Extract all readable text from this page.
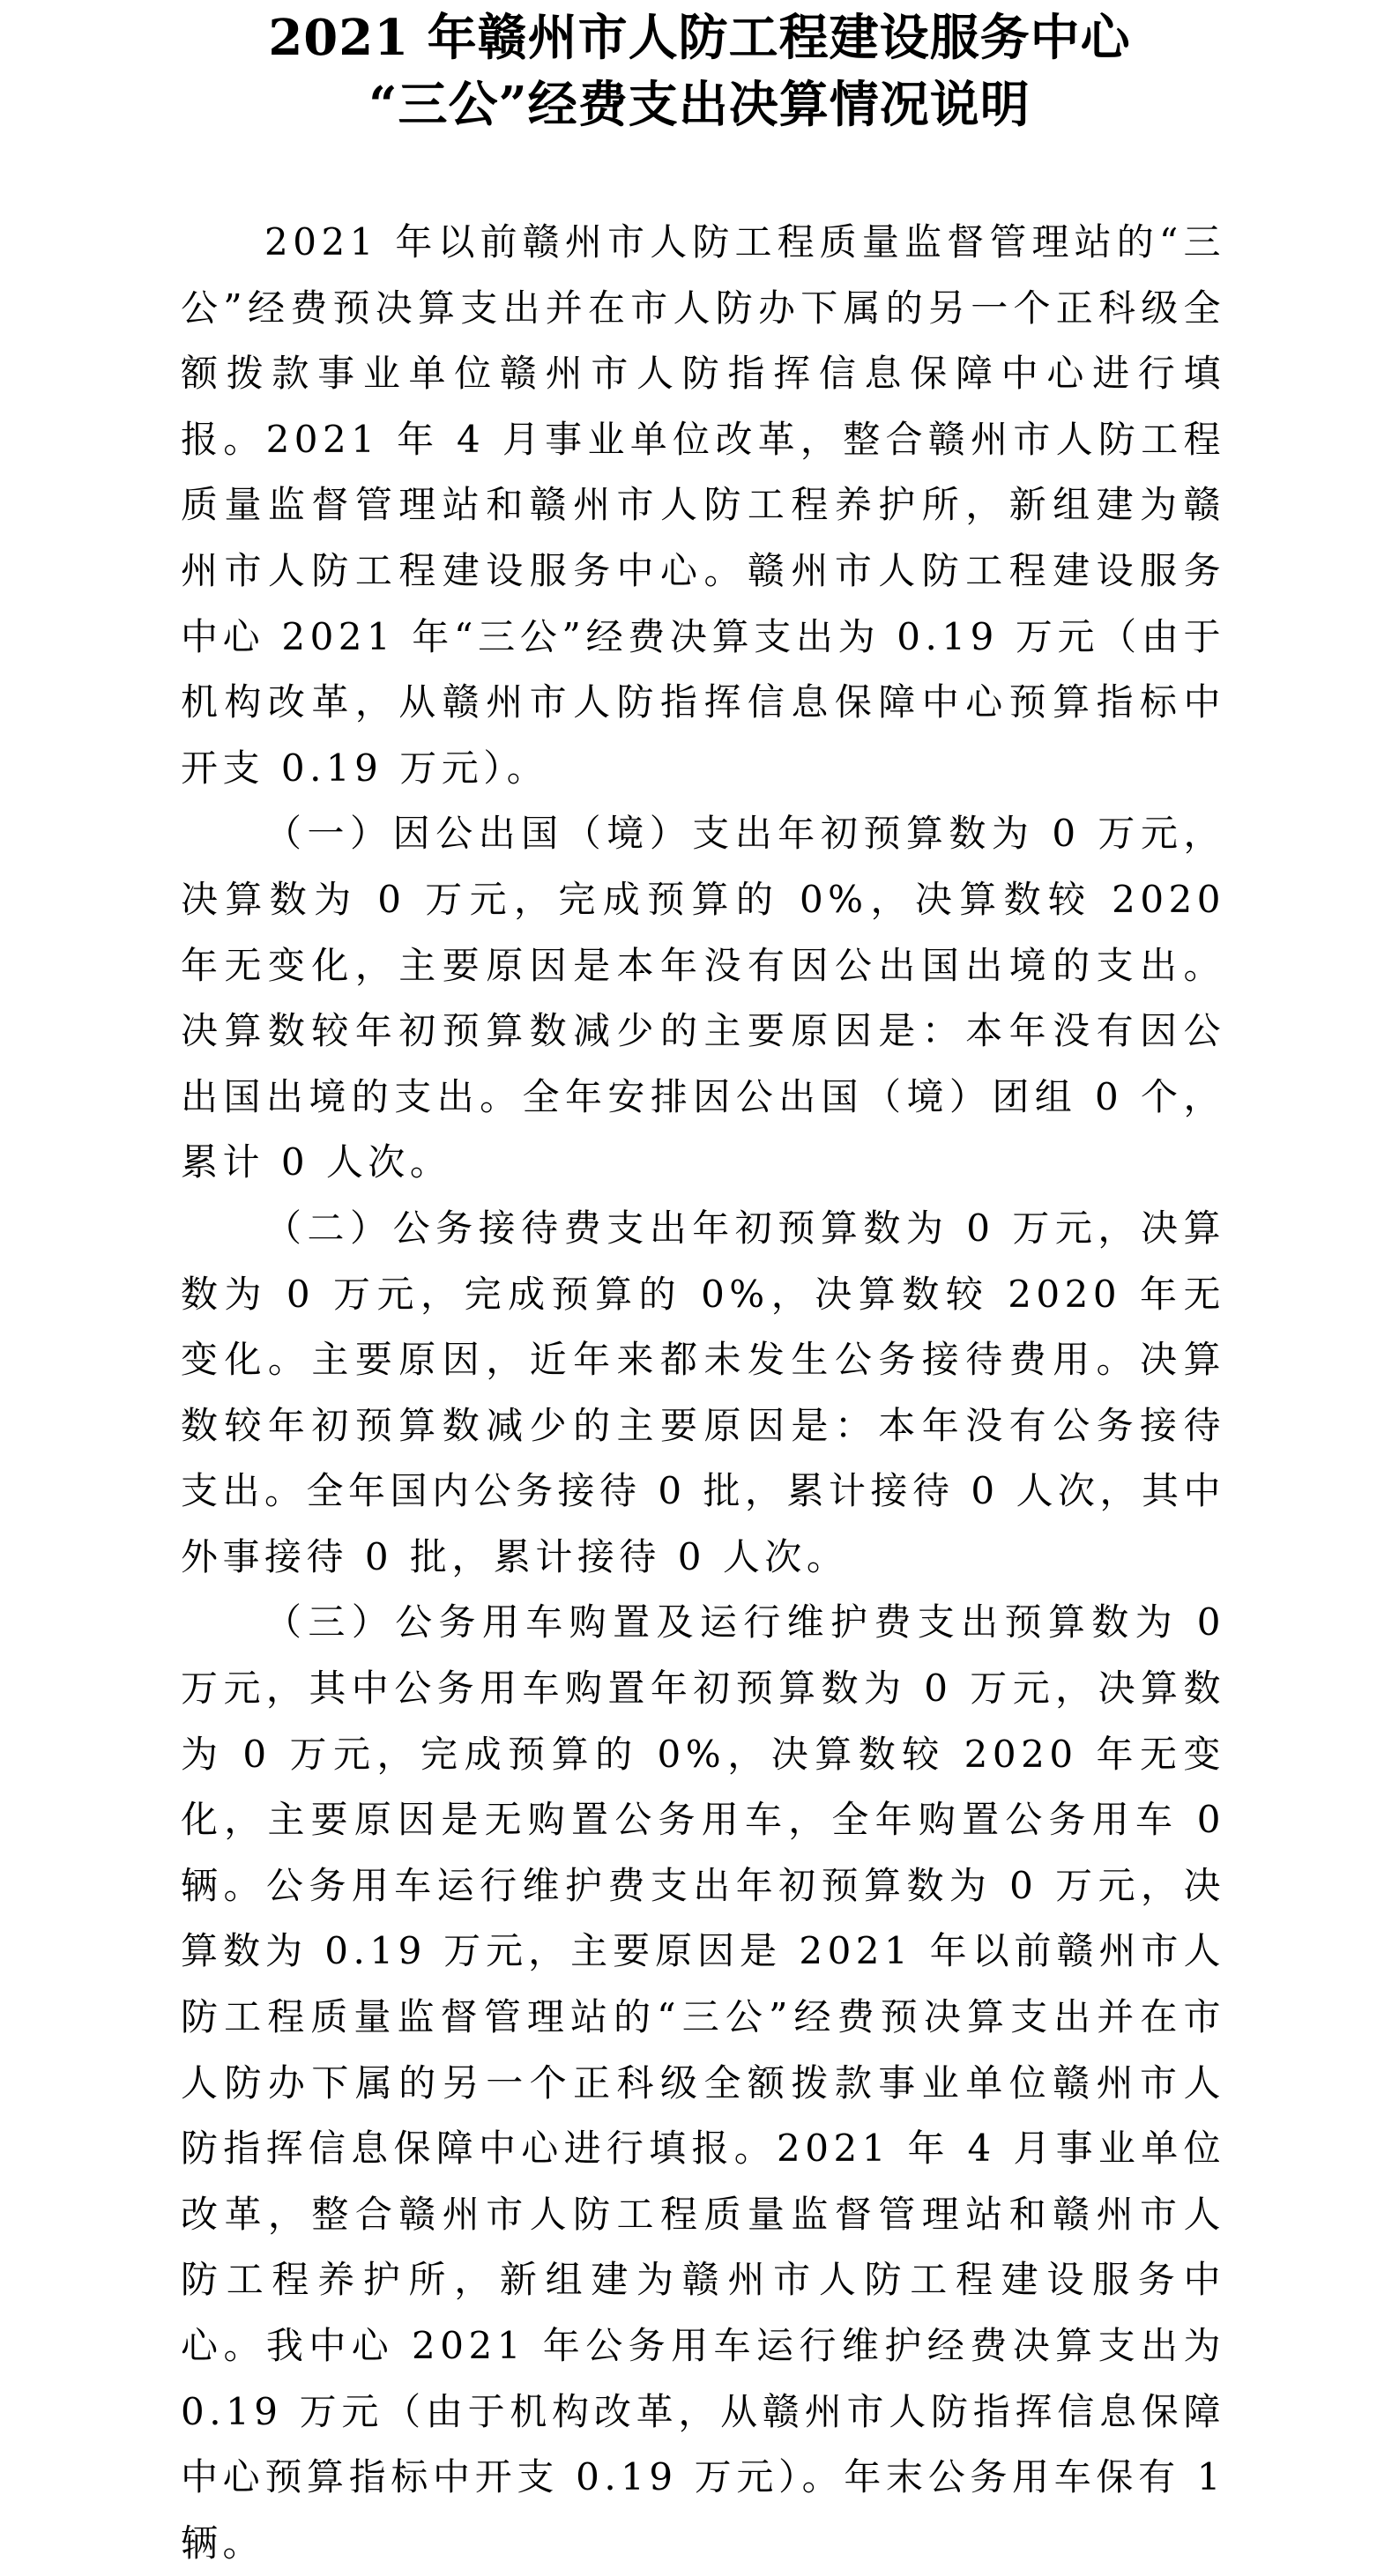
2021 年赣州市人防工程建设服务中心
“三公”经费支出决算情况说明

2021 年以前赣州市人防工程质量监督管理站的“三公”经费预决算支出并在市人防办下属的另一个正科级全额拨款事业单位赣州市人防指挥信息保障中心进行填报。2021 年 4 月事业单位改革，整合赣州市人防工程质量监督管理站和赣州市人防工程养护所，新组建为赣州市人防工程建设服务中心。赣州市人防工程建设服务中心 2021 年“三公”经费决算支出为 0.19 万元（由于机构改革，从赣州市人防指挥信息保障中心预算指标中开支 0.19 万元）。

（一）因公出国（境）支出年初预算数为 0 万元，决算数为 0 万元，完成预算的 0%，决算数较 2020 年无变化，主要原因是本年没有因公出国出境的支出。决算数较年初预算数减少的主要原因是：本年没有因公出国出境的支出。全年安排因公出国（境）团组 0 个，累计 0 人次。

（二）公务接待费支出年初预算数为 0 万元，决算数为 0 万元，完成预算的 0%，决算数较 2020 年无变化。主要原因，近年来都未发生公务接待费用。决算数较年初预算数减少的主要原因是：本年没有公务接待支出。全年国内公务接待 0 批，累计接待 0 人次，其中外事接待 0 批，累计接待 0 人次。

（三）公务用车购置及运行维护费支出预算数为 0 万元，其中公务用车购置年初预算数为 0 万元，决算数为 0 万元，完成预算的 0%，决算数较 2020 年无变化，主要原因是无购置公务用车，全年购置公务用车 0 辆。公务用车运行维护费支出年初预算数为 0 万元，决算数为 0.19 万元，主要原因是 2021 年以前赣州市人防工程质量监督管理站的“三公”经费预决算支出并在市人防办下属的另一个正科级全额拨款事业单位赣州市人防指挥信息保障中心进行填报。2021 年 4 月事业单位改革，整合赣州市人防工程质量监督管理站和赣州市人防工程养护所，新组建为赣州市人防工程建设服务中心。我中心 2021 年公务用车运行维护经费决算支出为 0.19 万元（由于机构改革，从赣州市人防指挥信息保障中心预算指标中开支 0.19 万元）。年末公务用车保有 1 辆。
